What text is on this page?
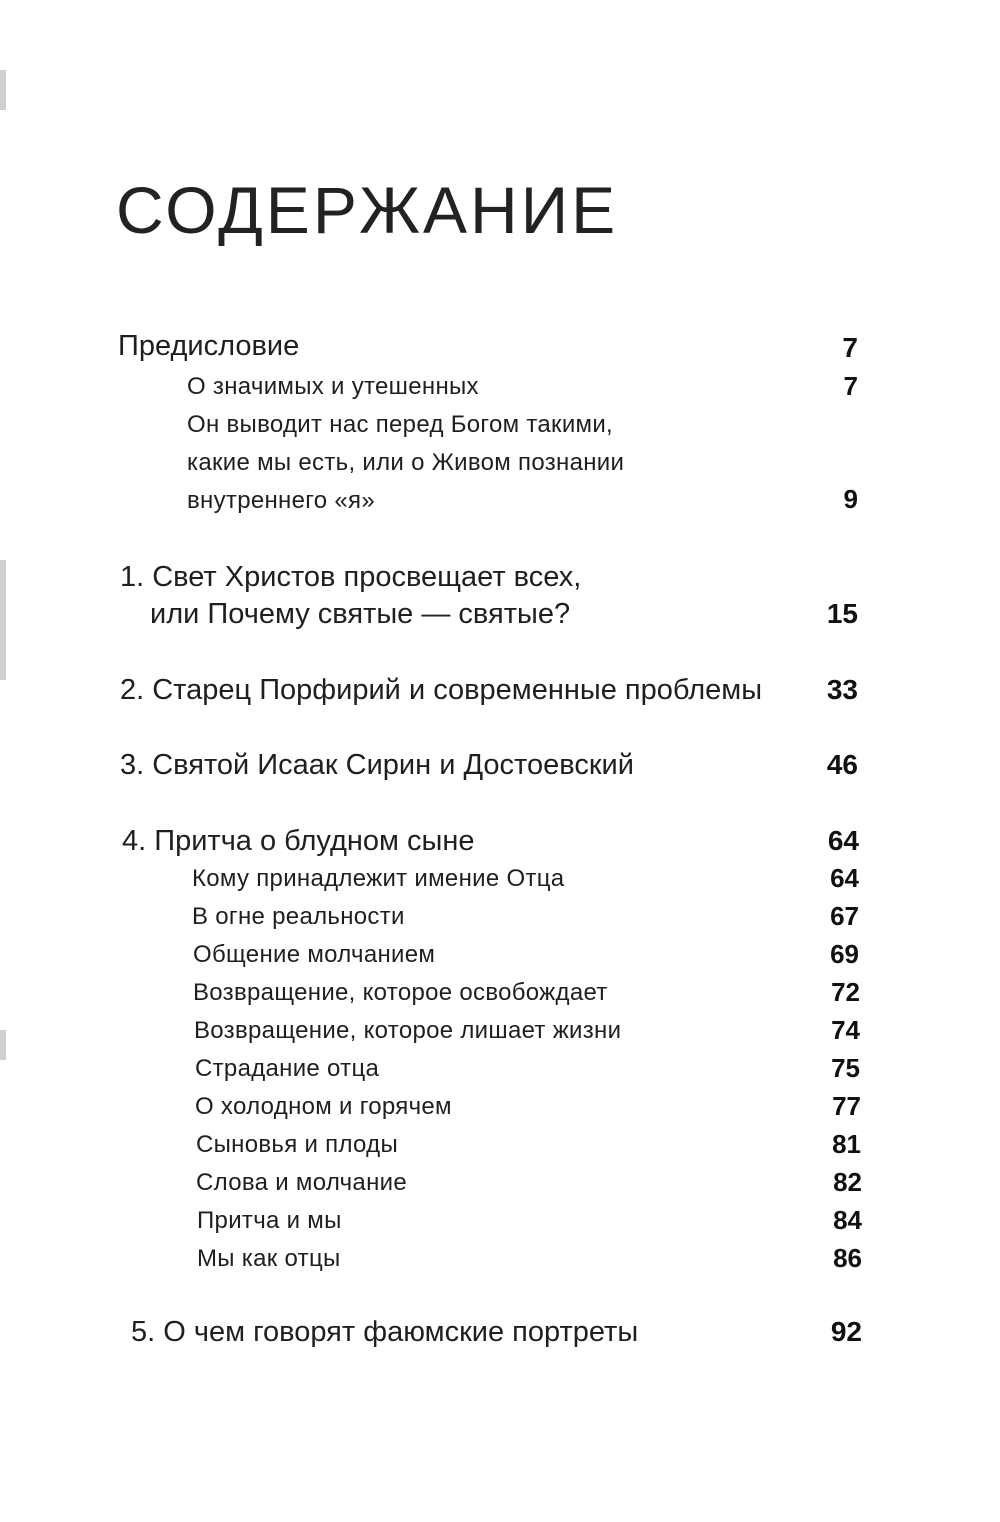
СОДЕРЖАНИЕ
Предисловие	7
О значимых и утешенных	7
Он выводит нас перед Богом такими,
какие мы есть, или о Живом познании
внутреннего «я»	9
1. Свет Христов просвещает всех,
или Почему святые — святые?	15
2. Старец Порфирий и современные проблемы	33
3. Святой Исаак Сирин и Достоевский	46
4. Притча о блудном сыне	64
Кому принадлежит имение Отца	64
В огне реальности	67
Общение молчанием	69
Возвращение, которое освобождает	72
Возвращение, которое лишает жизни	74
Страдание отца	75
О холодном и горячем	77
Сыновья и плоды	81
Слова и молчание	82
Притча и мы	84
Мы как отцы	86
5. О чем говорят фаюмские портреты	92
